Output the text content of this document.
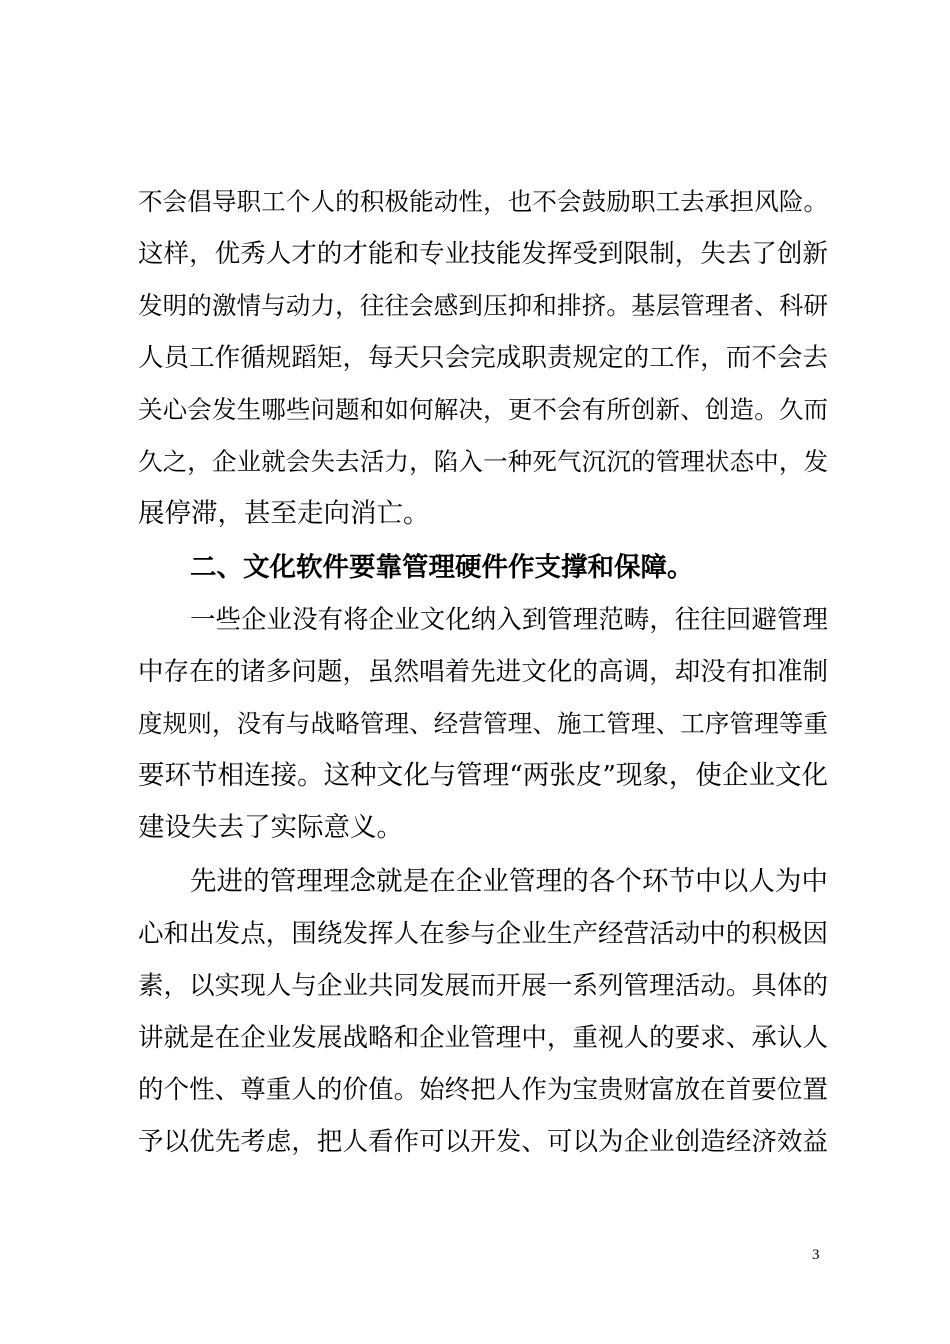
不会倡导职工个人的积极能动性，也不会鼓励职工去承担风险。
这样，优秀人才的才能和专业技能发挥受到限制，失去了创新
发明的激情与动力，往往会感到压抑和排挤。基层管理者、科研
人员工作循规蹈矩，每天只会完成职责规定的工作，而不会去
关心会发生哪些问题和如何解决，更不会有所创新、创造。久而
久之，企业就会失去活力，陷入一种死气沉沉的管理状态中，发
展停滞，甚至走向消亡。
二、文化软件要靠管理硬件作支撑和保障。
一些企业没有将企业文化纳入到管理范畴，往往回避管理
中存在的诸多问题，虽然唱着先进文化的高调，却没有扣准制
度规则，没有与战略管理、经营管理、施工管理、工序管理等重
要环节相连接。这种文化与管理“两张皮”现象，使企业文化
建设失去了实际意义。
先进的管理理念就是在企业管理的各个环节中以人为中
心和出发点，围绕发挥人在参与企业生产经营活动中的积极因
素，以实现人与企业共同发展而开展一系列管理活动。具体的
讲就是在企业发展战略和企业管理中，重视人的要求、承认人
的个性、尊重人的价值。始终把人作为宝贵财富放在首要位置
予以优先考虑，把人看作可以开发、可以为企业创造经济效益
3
